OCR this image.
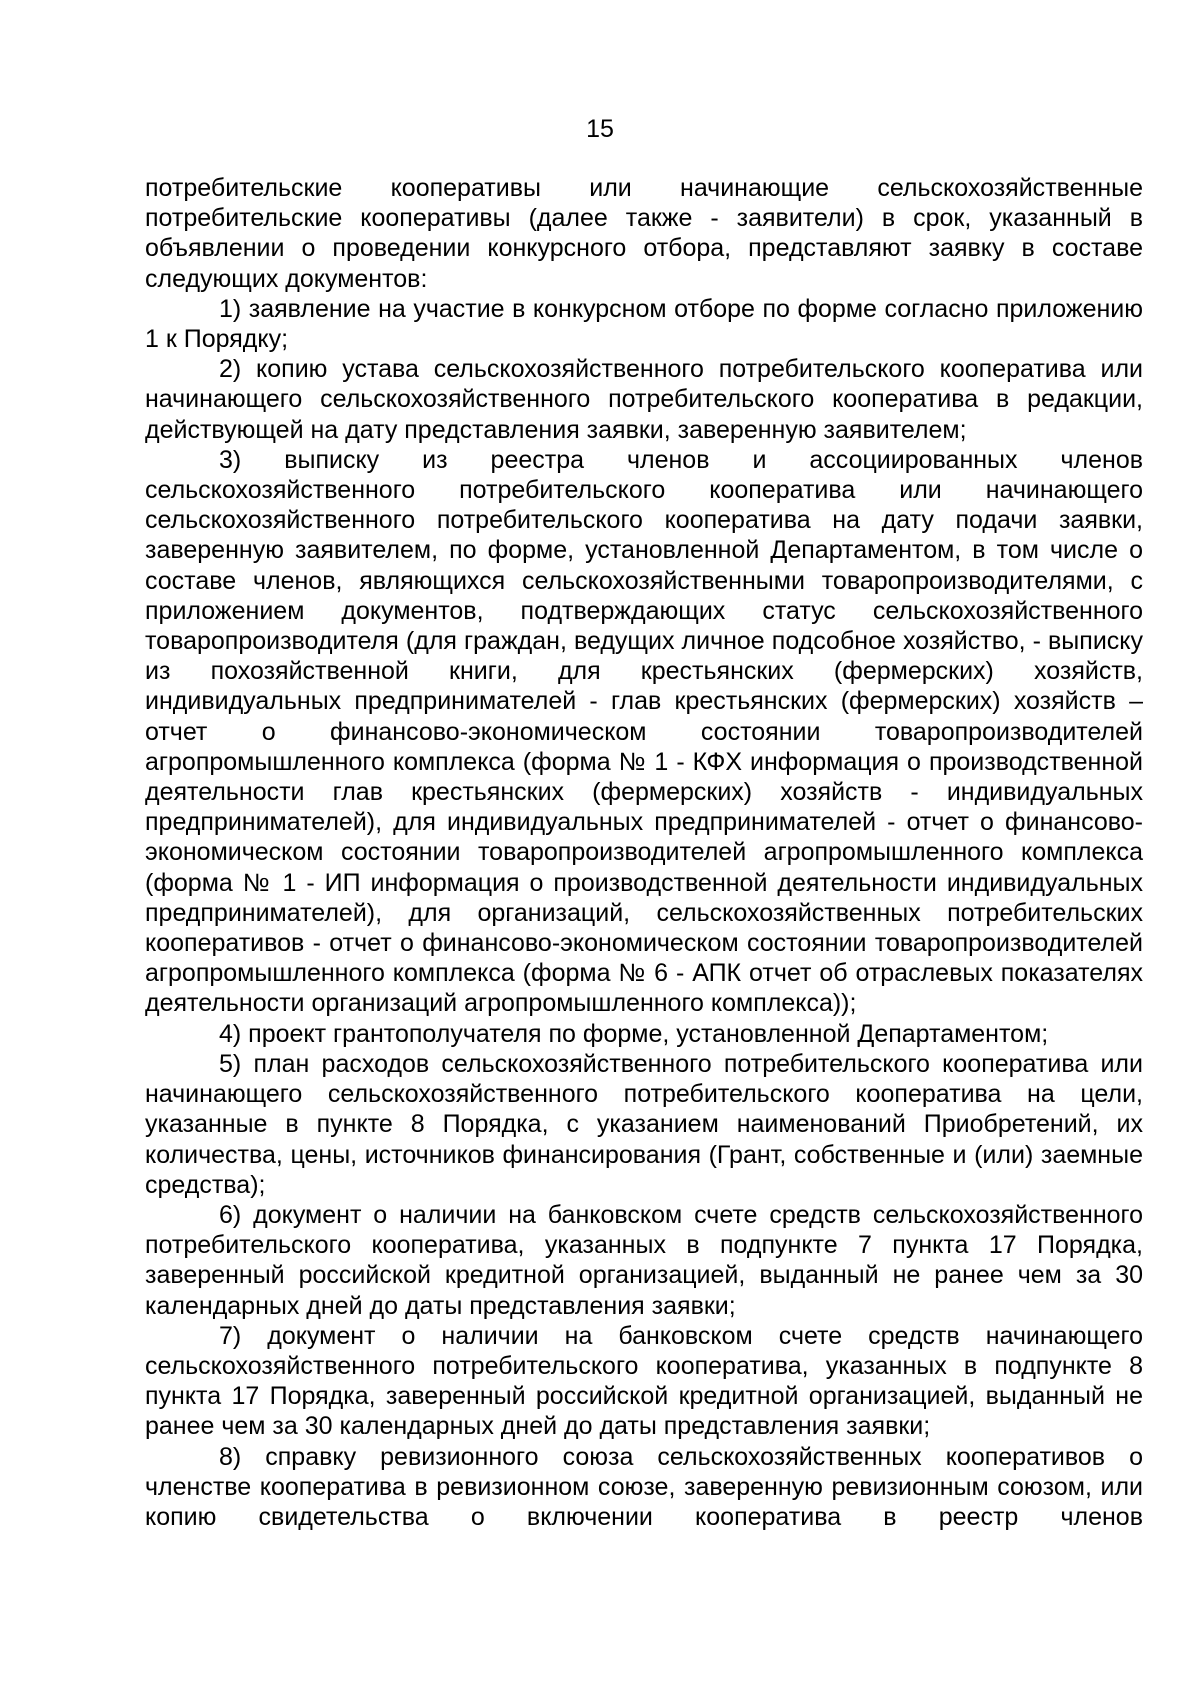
15

потребительские кооперативы или начинающие сельскохозяйственные потребительские кооперативы (далее также - заявители) в срок, указанный в объявлении о проведении конкурсного отбора, представляют заявку в составе следующих документов:

1) заявление на участие в конкурсном отборе по форме согласно приложению 1 к Порядку;

2) копию устава сельскохозяйственного потребительского кооператива или начинающего сельскохозяйственного потребительского кооператива в редакции, действующей на дату представления заявки, заверенную заявителем;

3) выписку из реестра членов и ассоциированных членов сельскохозяйственного потребительского кооператива или начинающего сельскохозяйственного потребительского кооператива на дату подачи заявки, заверенную заявителем, по форме, установленной Департаментом, в том числе о составе членов, являющихся сельскохозяйственными товаропроизводителями, с приложением документов, подтверждающих статус сельскохозяйственного товаропроизводителя (для граждан, ведущих личное подсобное хозяйство, - выписку из похозяйственной книги, для крестьянских (фермерских) хозяйств, индивидуальных предпринимателей - глав крестьянских (фермерских) хозяйств – отчет о финансово-экономическом состоянии товаропроизводителей агропромышленного комплекса (форма № 1 - КФХ информация о производственной деятельности глав крестьянских (фермерских) хозяйств - индивидуальных предпринимателей), для индивидуальных предпринимателей - отчет о финансово-экономическом состоянии товаропроизводителей агропромышленного комплекса (форма № 1 - ИП информация о производственной деятельности индивидуальных предпринимателей), для организаций, сельскохозяйственных потребительских кооперативов - отчет о финансово-экономическом состоянии товаропроизводителей агропромышленного комплекса (форма № 6 - АПК отчет об отраслевых показателях деятельности организаций агропромышленного комплекса));

4) проект грантополучателя по форме, установленной Департаментом;

5) план расходов сельскохозяйственного потребительского кооператива или начинающего сельскохозяйственного потребительского кооператива на цели, указанные в пункте 8 Порядка, с указанием наименований Приобретений, их количества, цены, источников финансирования (Грант, собственные и (или) заемные средства);

6) документ о наличии на банковском счете средств сельскохозяйственного потребительского кооператива, указанных в подпункте 7 пункта 17 Порядка, заверенный российской кредитной организацией, выданный не ранее чем за 30 календарных дней до даты представления заявки;

7) документ о наличии на банковском счете средств начинающего сельскохозяйственного потребительского кооператива, указанных в подпункте 8 пункта 17 Порядка, заверенный российской кредитной организацией, выданный не ранее чем за 30 календарных дней до даты представления заявки;

8) справку ревизионного союза сельскохозяйственных кооперативов о членстве кооператива в ревизионном союзе, заверенную ревизионным союзом, или копию свидетельства о включении кооператива в реестр членов
